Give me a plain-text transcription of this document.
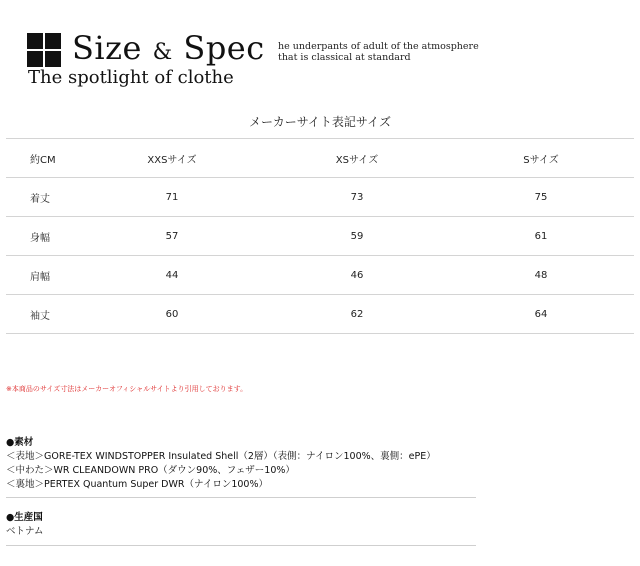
Size & Spec
The spotlight of clothe
he underpants of adult of the atmosphere
that is classical at standard
メーカーサイト表記サイズ
約CM	XXSサイズ	XSサイズ	Sサイズ
着丈	71	73	75
身幅	57	59	61
肩幅	44	46	48
袖丈	60	62	64
※本商品のサイズ寸法はメーカーオフィシャルサイトより引用しております。
●素材
＜表地＞GORE-TEX WINDSTOPPER Insulated Shell（2層）（表側：ナイロン100%、裏側：ePE）
＜中わた＞WR CLEANDOWN PRO（ダウン90%、フェザー10%）
＜裏地＞PERTEX Quantum Super DWR（ナイロン100%）
●生産国
ベトナム
